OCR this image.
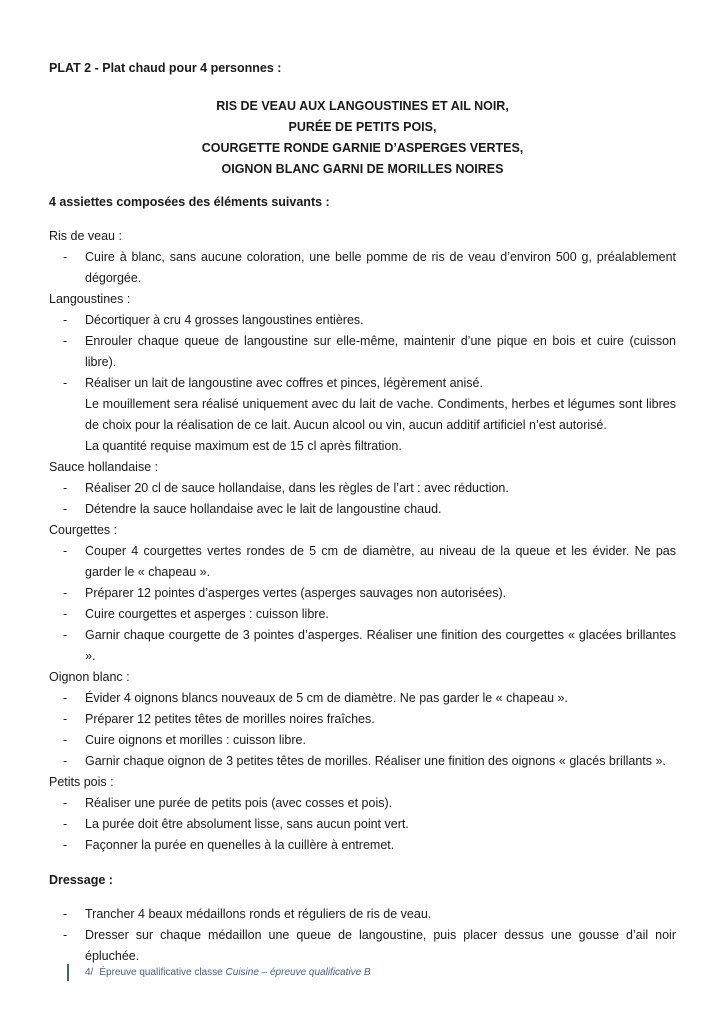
PLAT 2 - Plat chaud pour 4 personnes :

RIS DE VEAU AUX LANGOUSTINES ET AIL NOIR,
PURÉE DE PETITS POIS,
COURGETTE RONDE GARNIE D’ASPERGES VERTES,
OIGNON BLANC GARNI DE MORILLES NOIRES

4 assiettes composées des éléments suivants :

Ris de veau :

-	Cuire à blanc, sans aucune coloration, une belle pomme de ris de veau d’environ 500 g, préalablement dégorgée.

Langoustines :

-	Décortiquer à cru 4 grosses langoustines entières.

-	Enrouler chaque queue de langoustine sur elle-même, maintenir d’une pique en bois et cuire (cuisson libre).

-	Réaliser un lait de langoustine avec coffres et pinces, légèrement anisé.

Le mouillement sera réalisé uniquement avec du lait de vache. Condiments, herbes et légumes sont libres de choix pour la réalisation de ce lait. Aucun alcool ou vin, aucun additif artificiel n’est autorisé.

La quantité requise maximum est de 15 cl après filtration.

Sauce hollandaise :

-	Réaliser 20 cl de sauce hollandaise, dans les règles de l’art : avec réduction.

-	Détendre la sauce hollandaise avec le lait de langoustine chaud.

Courgettes :

-	Couper 4 courgettes vertes rondes de 5 cm de diamètre, au niveau de la queue et les évider. Ne pas garder le « chapeau ».

-	Préparer 12 pointes d’asperges vertes (asperges sauvages non autorisées).

-	Cuire courgettes et asperges : cuisson libre.

-	Garnir chaque courgette de 3 pointes d’asperges. Réaliser une finition des courgettes « glacées brillantes ».

Oignon blanc :

-	Évider 4 oignons blancs nouveaux de 5 cm de diamètre. Ne pas garder le « chapeau ».

-	Préparer 12 petites têtes de morilles noires fraîches.

-	Cuire oignons et morilles : cuisson libre.

-	Garnir chaque oignon de 3 petites têtes de morilles. Réaliser une finition des oignons « glacés brillants ».

Petits pois :

-	Réaliser une purée de petits pois (avec cosses et pois).

-	La purée doit être absolument lisse, sans aucun point vert.

-	Façonner la purée en quenelles à la cuillère à entremet.

Dressage :

-	Trancher 4 beaux médaillons ronds et réguliers de ris de veau.

-	Dresser sur chaque médaillon une queue de langoustine, puis placer dessus une gousse d’ail noir épluchée.

4/ Épreuve qualificative classe Cuisine – épreuve qualificative B
